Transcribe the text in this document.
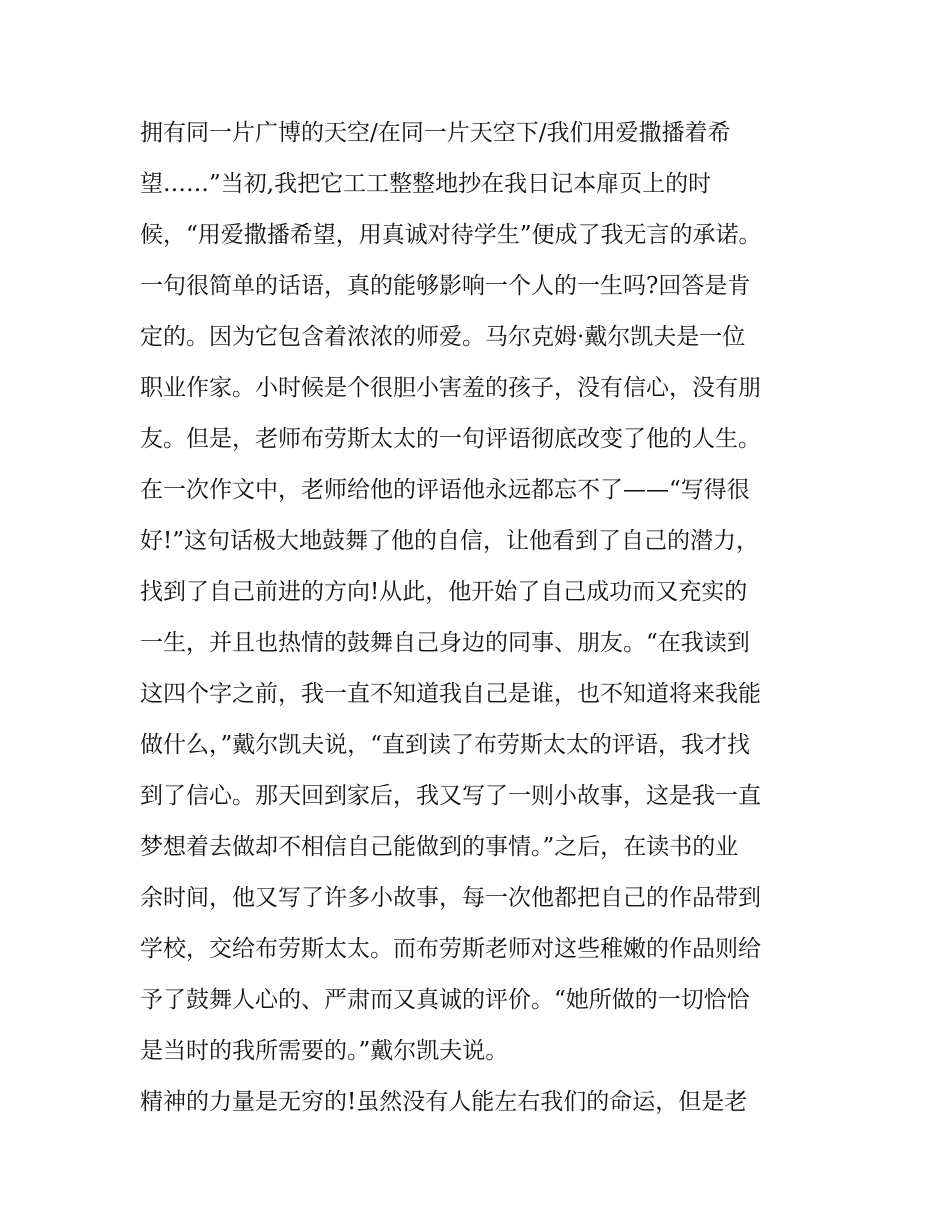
拥有同一片广博的天空/在同一片天空下/我们用爱撒播着希
望……”当初,我把它工工整整地抄在我日记本扉页上的时
候，“用爱撒播希望，用真诚对待学生”便成了我无言的承诺。
一句很简单的话语，真的能够影响一个人的一生吗?回答是肯
定的。因为它包含着浓浓的师爱。马尔克姆·戴尔凯夫是一位
职业作家。小时候是个很胆小害羞的孩子，没有信心，没有朋
友。但是，老师布劳斯太太的一句评语彻底改变了他的人生。
在一次作文中，老师给他的评语他永远都忘不了——“写得很
好!”这句话极大地鼓舞了他的自信，让他看到了自己的潜力，
找到了自己前进的方向!从此，他开始了自己成功而又充实的
一生，并且也热情的鼓舞自己身边的同事、朋友。“在我读到
这四个字之前，我一直不知道我自己是谁，也不知道将来我能
做什么，”戴尔凯夫说，“直到读了布劳斯太太的评语，我才找
到了信心。那天回到家后，我又写了一则小故事，这是我一直
梦想着去做却不相信自己能做到的事情。”之后，在读书的业
余时间，他又写了许多小故事，每一次他都把自己的作品带到
学校，交给布劳斯太太。而布劳斯老师对这些稚嫩的作品则给
予了鼓舞人心的、严肃而又真诚的评价。“她所做的一切恰恰
是当时的我所需要的。”戴尔凯夫说。
精神的力量是无穷的!虽然没有人能左右我们的命运，但是老
